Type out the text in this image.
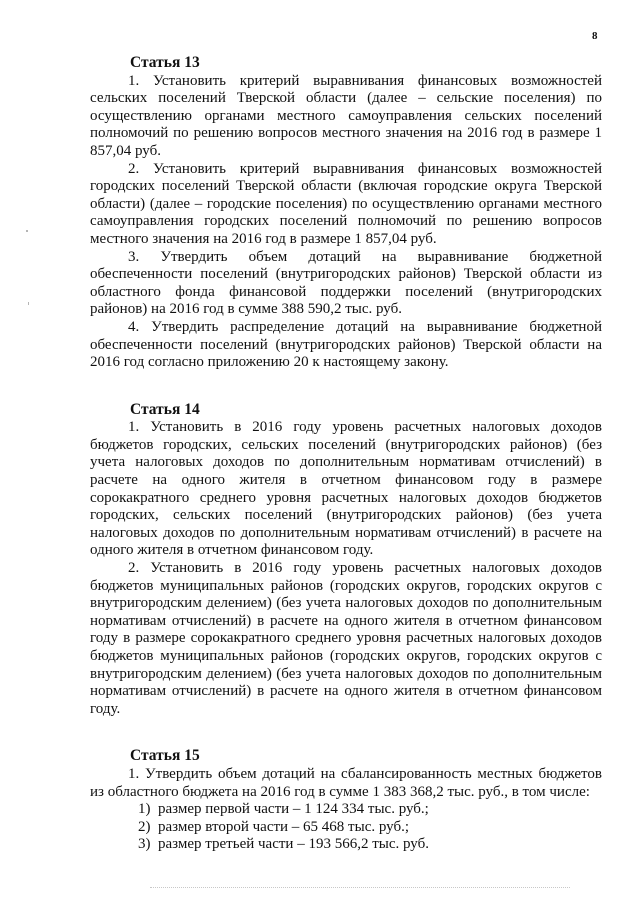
8
Статья 13

1. Установить критерий выравнивания финансовых возможностей сельских поселений Тверской области (далее – сельские поселения) по осуществлению органами местного самоуправления сельских поселений полномочий по решению вопросов местного значения на 2016 год в размере 1 857,04 руб.

2. Установить критерий выравнивания финансовых возможностей городских поселений Тверской области (включая городские округа Тверской области) (далее – городские поселения) по осуществлению органами местного самоуправления городских поселений полномочий по решению вопросов местного значения на 2016 год в размере 1 857,04 руб.

3. Утвердить объем дотаций на выравнивание бюджетной обеспеченности поселений (внутригородских районов) Тверской области из областного фонда финансовой поддержки поселений (внутригородских районов) на 2016 год в сумме 388 590,2 тыс. руб.

4. Утвердить распределение дотаций на выравнивание бюджетной обеспеченности поселений (внутригородских районов) Тверской области на 2016 год согласно приложению 20 к настоящему закону.

Статья 14

1. Установить в 2016 году уровень расчетных налоговых доходов бюджетов городских, сельских поселений (внутригородских районов) (без учета налоговых доходов по дополнительным нормативам отчислений) в расчете на одного жителя в отчетном финансовом году в размере сорокакратного среднего уровня расчетных налоговых доходов бюджетов городских, сельских поселений (внутригородских районов) (без учета налоговых доходов по дополнительным нормативам отчислений) в расчете на одного жителя в отчетном финансовом году.

2. Установить в 2016 году уровень расчетных налоговых доходов бюджетов муниципальных районов (городских округов, городских округов с внутригородским делением) (без учета налоговых доходов по дополнительным нормативам отчислений) в расчете на одного жителя в отчетном финансовом году в размере сорокакратного среднего уровня расчетных налоговых доходов бюджетов муниципальных районов (городских округов, городских округов с внутригородским делением) (без учета налоговых доходов по дополнительным нормативам отчислений) в расчете на одного жителя в отчетном финансовом году.

Статья 15

1. Утвердить объем дотаций на сбалансированность местных бюджетов из областного бюджета на 2016 год в сумме 1 383 368,2 тыс. руб., в том числе:

1) размер первой части – 1 124 334 тыс. руб.;
2) размер второй части – 65 468 тыс. руб.;
3) размер третьей части – 193 566,2 тыс. руб.
